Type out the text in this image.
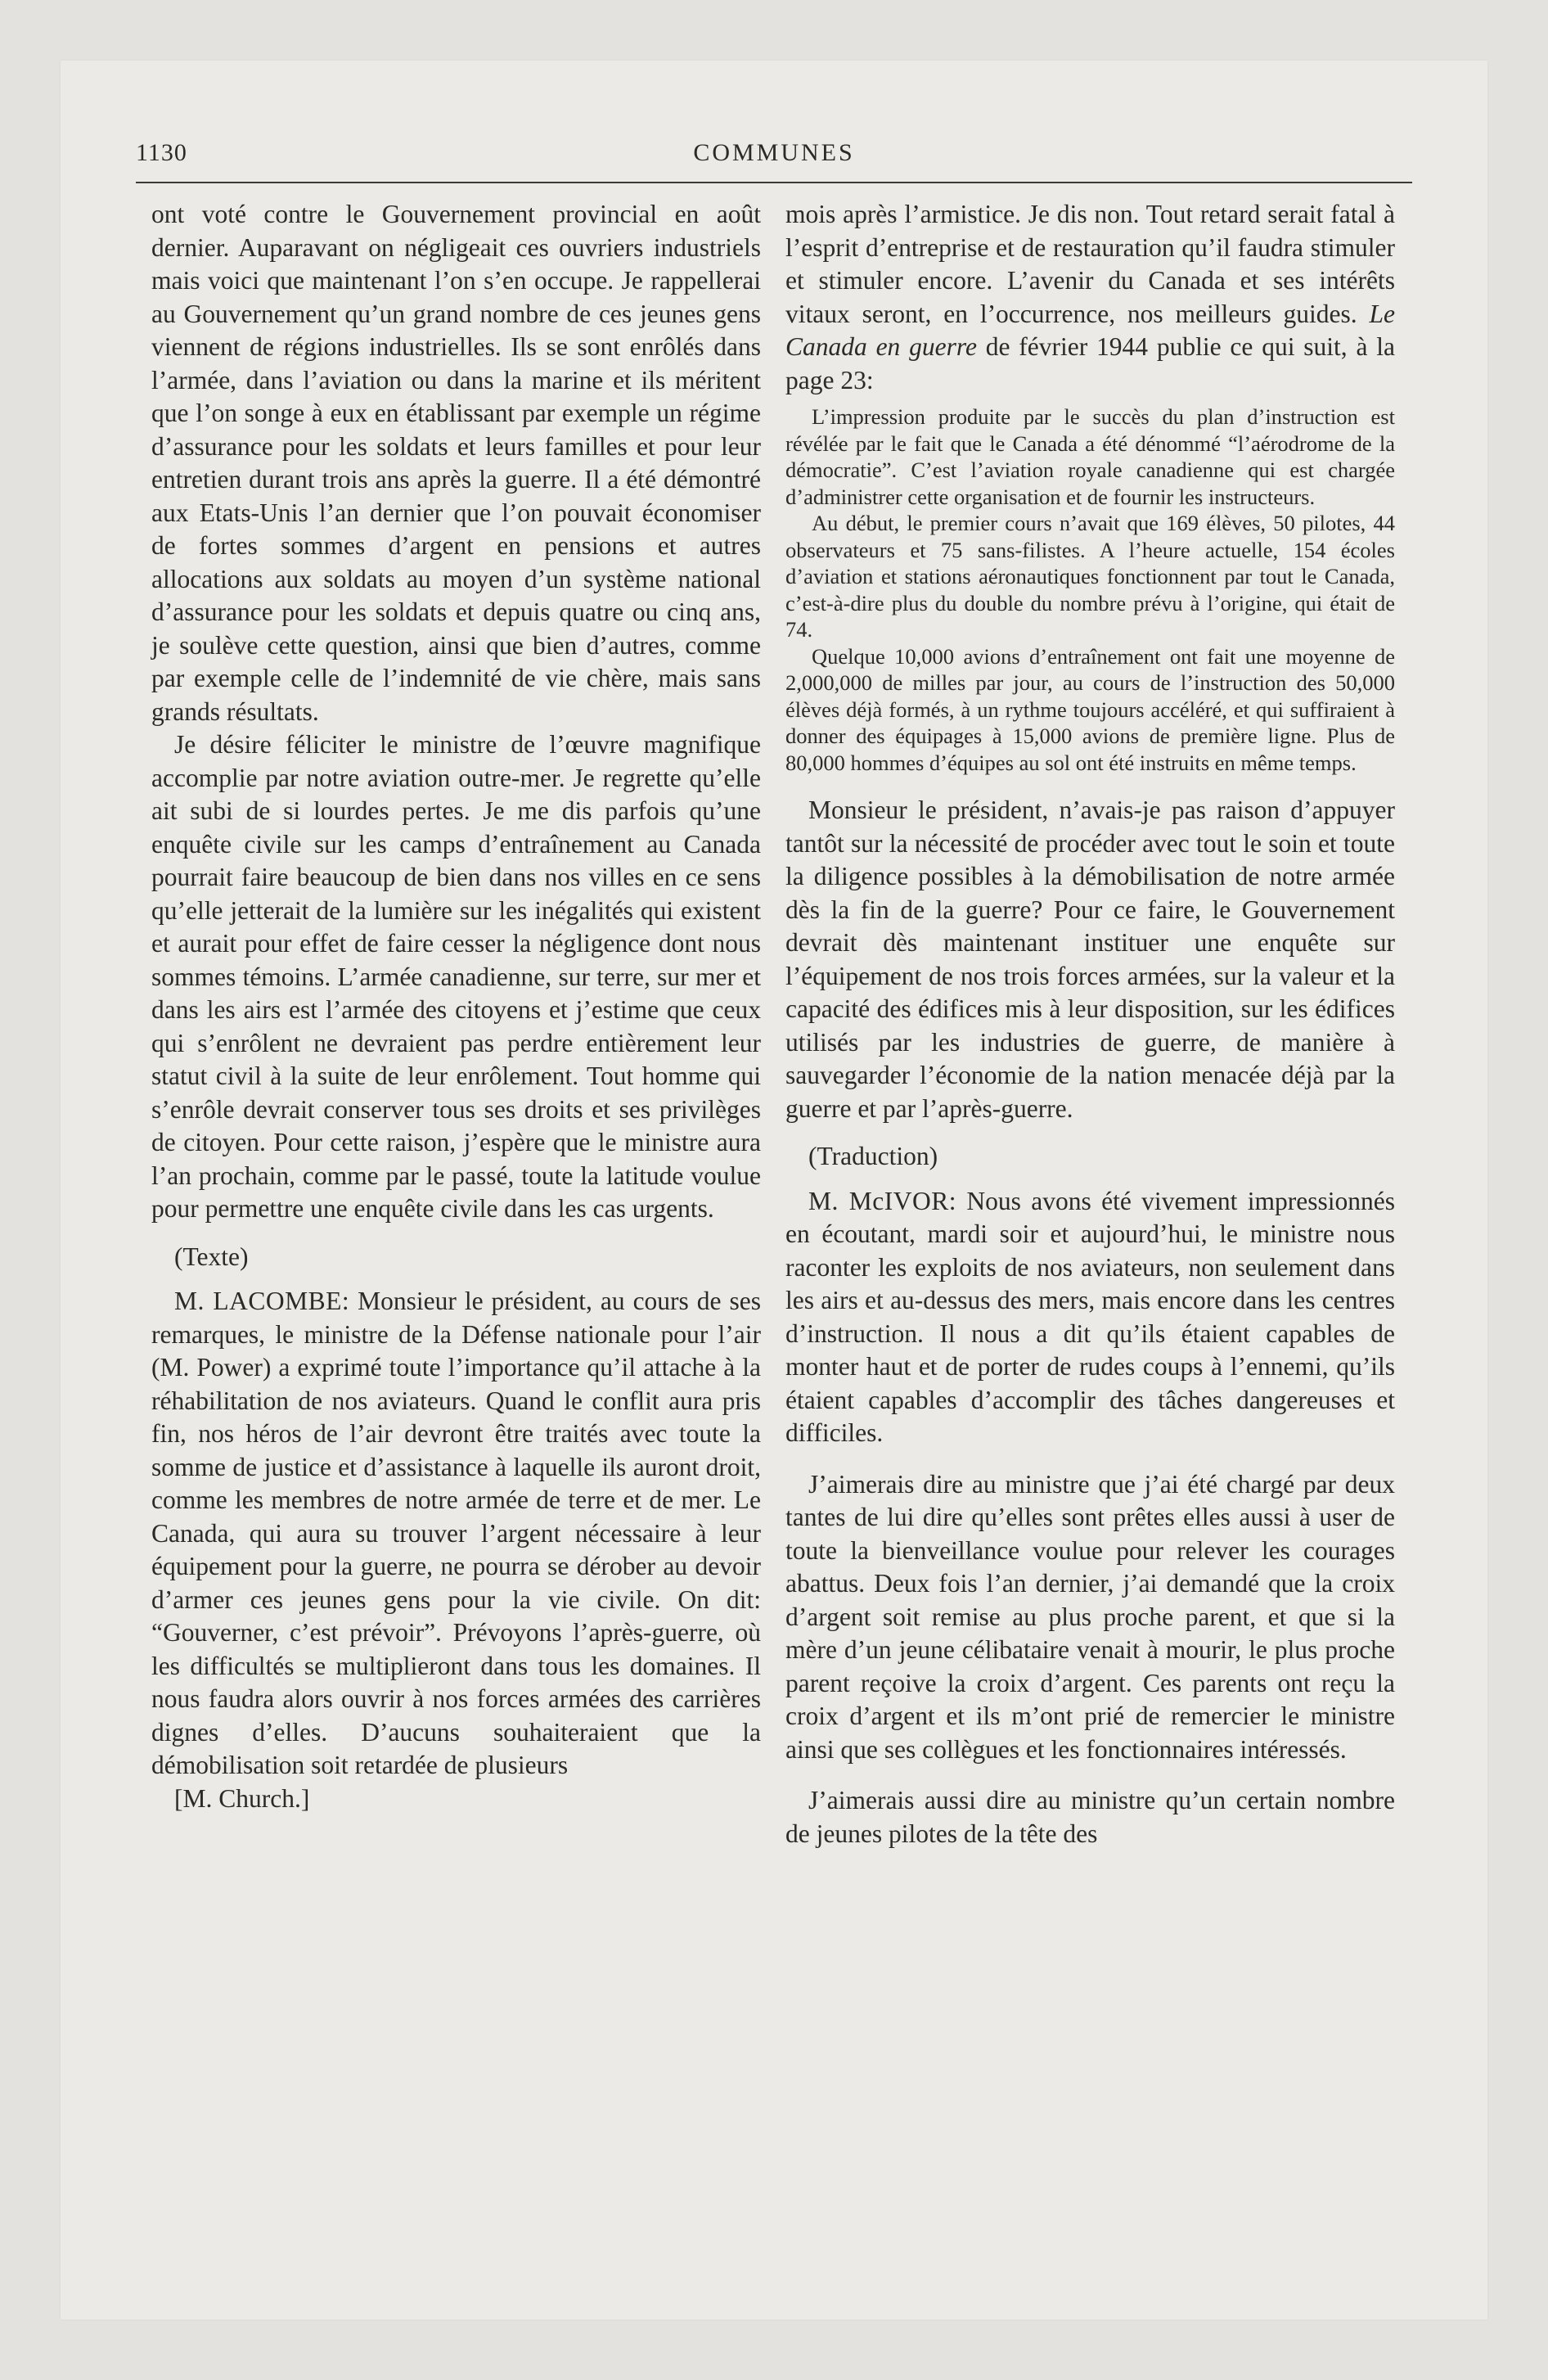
1130	COMMUNES

ont voté contre le Gouvernement provincial en août dernier. Auparavant on négligeait ces ouvriers industriels mais voici que maintenant l’on s’en occupe. Je rappellerai au Gouvernement qu’un grand nombre de ces jeunes gens viennent de régions industrielles. Ils se sont enrôlés dans l’armée, dans l’aviation ou dans la marine et ils méritent que l’on songe à eux en établissant par exemple un régime d’assurance pour les soldats et leurs familles et pour leur entretien durant trois ans après la guerre. Il a été démontré aux Etats-Unis l’an dernier que l’on pouvait économiser de fortes sommes d’argent en pensions et autres allocations aux soldats au moyen d’un système national d’assurance pour les soldats et depuis quatre ou cinq ans, je soulève cette question, ainsi que bien d’autres, comme par exemple celle de l’indemnité de vie chère, mais sans grands résultats.

Je désire féliciter le ministre de l’œuvre magnifique accomplie par notre aviation outre-mer. Je regrette qu’elle ait subi de si lourdes pertes. Je me dis parfois qu’une enquête civile sur les camps d’entraînement au Canada pourrait faire beaucoup de bien dans nos villes en ce sens qu’elle jetterait de la lumière sur les inégalités qui existent et aurait pour effet de faire cesser la négligence dont nous sommes témoins. L’armée canadienne, sur terre, sur mer et dans les airs est l’armée des citoyens et j’estime que ceux qui s’enrôlent ne devraient pas perdre entièrement leur statut civil à la suite de leur enrôlement. Tout homme qui s’enrôle devrait conserver tous ses droits et ses privilèges de citoyen. Pour cette raison, j’espère que le ministre aura l’an prochain, comme par le passé, toute la latitude voulue pour permettre une enquête civile dans les cas urgents.

(Texte)

M. LACOMBE: Monsieur le président, au cours de ses remarques, le ministre de la Défense nationale pour l’air (M. Power) a exprimé toute l’importance qu’il attache à la réhabilitation de nos aviateurs. Quand le conflit aura pris fin, nos héros de l’air devront être traités avec toute la somme de justice et d’assistance à laquelle ils auront droit, comme les membres de notre armée de terre et de mer. Le Canada, qui aura su trouver l’argent nécessaire à leur équipement pour la guerre, ne pourra se dérober au devoir d’armer ces jeunes gens pour la vie civile. On dit: “Gouverner, c’est prévoir”. Prévoyons l’après-guerre, où les difficultés se multiplieront dans tous les domaines. Il nous faudra alors ouvrir à nos forces armées des carrières dignes d’elles. D’aucuns souhaiteraient que la démobilisation soit retardée de plusieurs

[M. Church.]

mois après l’armistice. Je dis non. Tout retard serait fatal à l’esprit d’entreprise et de restauration qu’il faudra stimuler et stimuler encore. L’avenir du Canada et ses intérêts vitaux seront, en l’occurrence, nos meilleurs guides. Le Canada en guerre de février 1944 publie ce qui suit, à la page 23:

L’impression produite par le succès du plan d’instruction est révélée par le fait que le Canada a été dénommé “l’aérodrome de la démocratie”. C’est l’aviation royale canadienne qui est chargée d’administrer cette organisation et de fournir les instructeurs.

Au début, le premier cours n’avait que 169 élèves, 50 pilotes, 44 observateurs et 75 sans-filistes. A l’heure actuelle, 154 écoles d’aviation et stations aéronautiques fonctionnent par tout le Canada, c’est-à-dire plus du double du nombre prévu à l’origine, qui était de 74.

Quelque 10,000 avions d’entraînement ont fait une moyenne de 2,000,000 de milles par jour, au cours de l’instruction des 50,000 élèves déjà formés, à un rythme toujours accéléré, et qui suffiraient à donner des équipages à 15,000 avions de première ligne. Plus de 80,000 hommes d’équipes au sol ont été instruits en même temps.

Monsieur le président, n’avais-je pas raison d’appuyer tantôt sur la nécessité de procéder avec tout le soin et toute la diligence possibles à la démobilisation de notre armée dès la fin de la guerre? Pour ce faire, le Gouvernement devrait dès maintenant instituer une enquête sur l’équipement de nos trois forces armées, sur la valeur et la capacité des édifices mis à leur disposition, sur les édifices utilisés par les industries de guerre, de manière à sauvegarder l’économie de la nation menacée déjà par la guerre et par l’après-guerre.

(Traduction)

M. McIVOR: Nous avons été vivement impressionnés en écoutant, mardi soir et aujourd’hui, le ministre nous raconter les exploits de nos aviateurs, non seulement dans les airs et au-dessus des mers, mais encore dans les centres d’instruction. Il nous a dit qu’ils étaient capables de monter haut et de porter de rudes coups à l’ennemi, qu’ils étaient capables d’accomplir des tâches dangereuses et difficiles.

J’aimerais dire au ministre que j’ai été chargé par deux tantes de lui dire qu’elles sont prêtes elles aussi à user de toute la bienveillance voulue pour relever les courages abattus. Deux fois l’an dernier, j’ai demandé que la croix d’argent soit remise au plus proche parent, et que si la mère d’un jeune célibataire venait à mourir, le plus proche parent reçoive la croix d’argent. Ces parents ont reçu la croix d’argent et ils m’ont prié de remercier le ministre ainsi que ses collègues et les fonctionnaires intéressés.

J’aimerais aussi dire au ministre qu’un certain nombre de jeunes pilotes de la tête des
